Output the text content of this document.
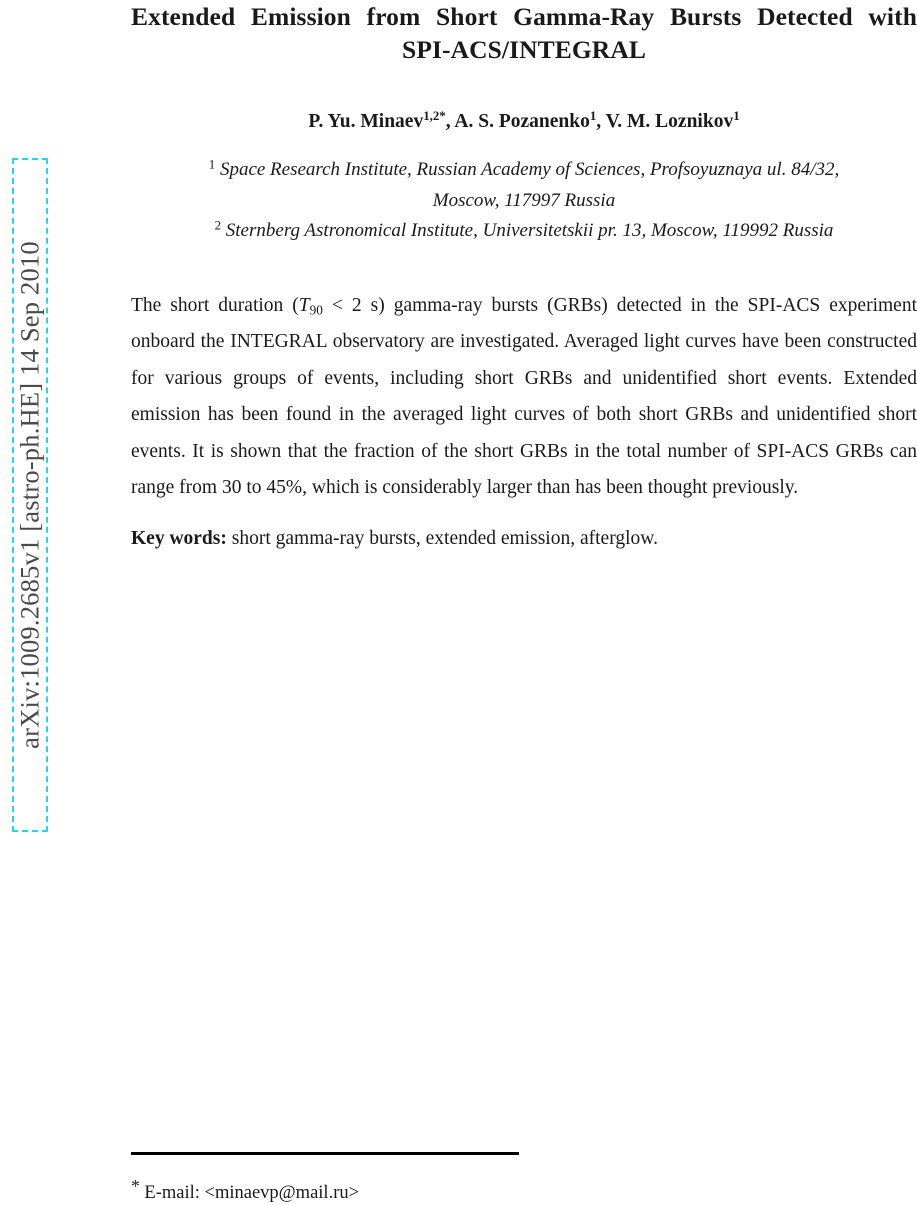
arXiv:1009.2685v1 [astro-ph.HE] 14 Sep 2010
Extended Emission from Short Gamma-Ray Bursts Detected with
SPI-ACS/INTEGRAL
P. Yu. Minaev$^{1,2*}$, A. S. Pozanenko$^1$, V. M. Loznikov$^1$
$^1$ Space Research Institute, Russian Academy of Sciences, Profsoyuznaya ul. 84/32,
Moscow, 117997 Russia
$^2$ Sternberg Astronomical Institute, Universitetskii pr. 13, Moscow, 119992 Russia

The short duration ($T_{90} < 2$ s) gamma-ray bursts (GRBs) detected in the SPI-ACS experiment onboard the INTEGRAL observatory are investigated. Averaged light curves have been constructed for various groups of events, including short GRBs and unidentified short events. Extended emission has been found in the averaged light curves of both short GRBs and unidentified short events. It is shown that the fraction of the short GRBs in the total number of SPI-ACS GRBs can range from 30 to 45%, which is considerably larger than has been thought previously.

Key words: short gamma-ray bursts, extended emission, afterglow.
* E-mail: <minaevp@mail.ru>
